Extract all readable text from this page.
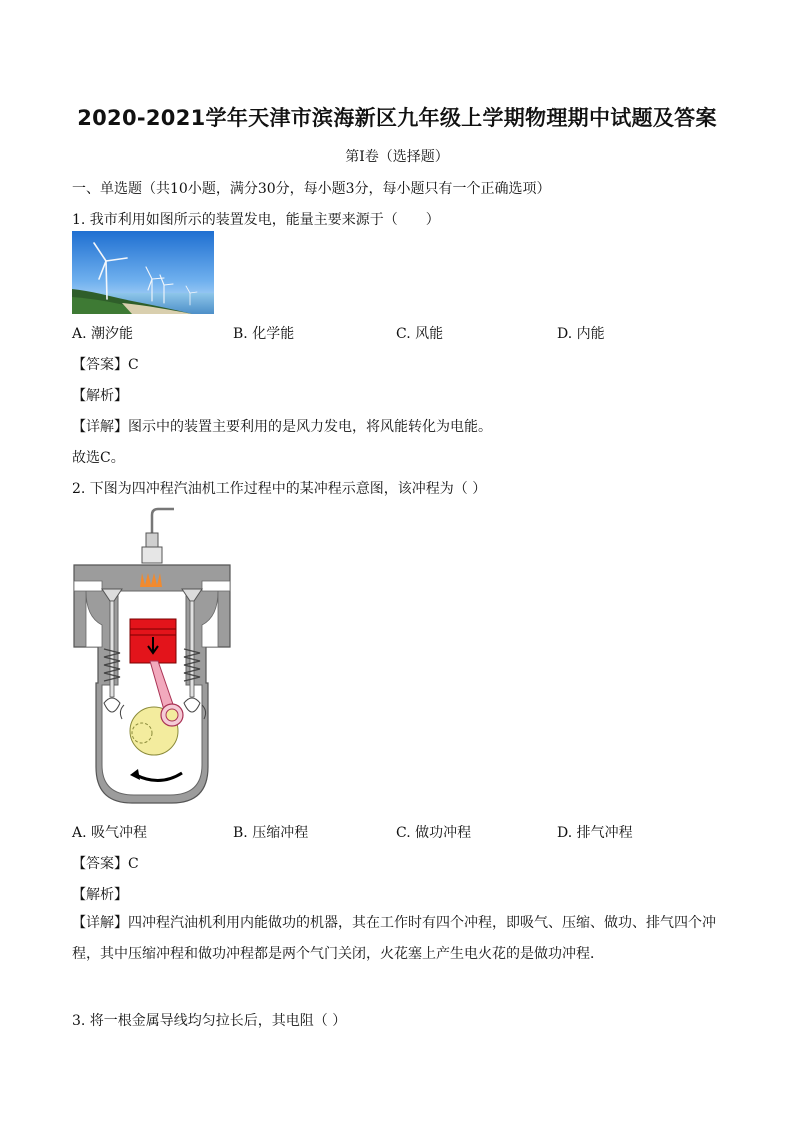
2020-2021学年天津市滨海新区九年级上学期物理期中试题及答案
第Ⅰ卷（选择题）
一、单选题（共10小题，满分30分，每小题3分，每小题只有一个正确选项）
1. 我市利用如图所示的装置发电，能量主要来源于（　　）
A. 潮汐能	B. 化学能	C. 风能	D. 内能
【答案】C
【解析】
【详解】图示中的装置主要利用的是风力发电，将风能转化为电能。
故选C。
2. 下图为四冲程汽油机工作过程中的某冲程示意图，该冲程为（ ）
A. 吸气冲程	B. 压缩冲程	C. 做功冲程	D. 排气冲程
【答案】C
【解析】
【详解】四冲程汽油机利用内能做功的机器，其在工作时有四个冲程，即吸气、压缩、做功、排气四个冲程，其中压缩冲程和做功冲程都是两个气门关闭，火花塞上产生电火花的是做功冲程．
3. 将一根金属导线均匀拉长后，其电阻（ ）
